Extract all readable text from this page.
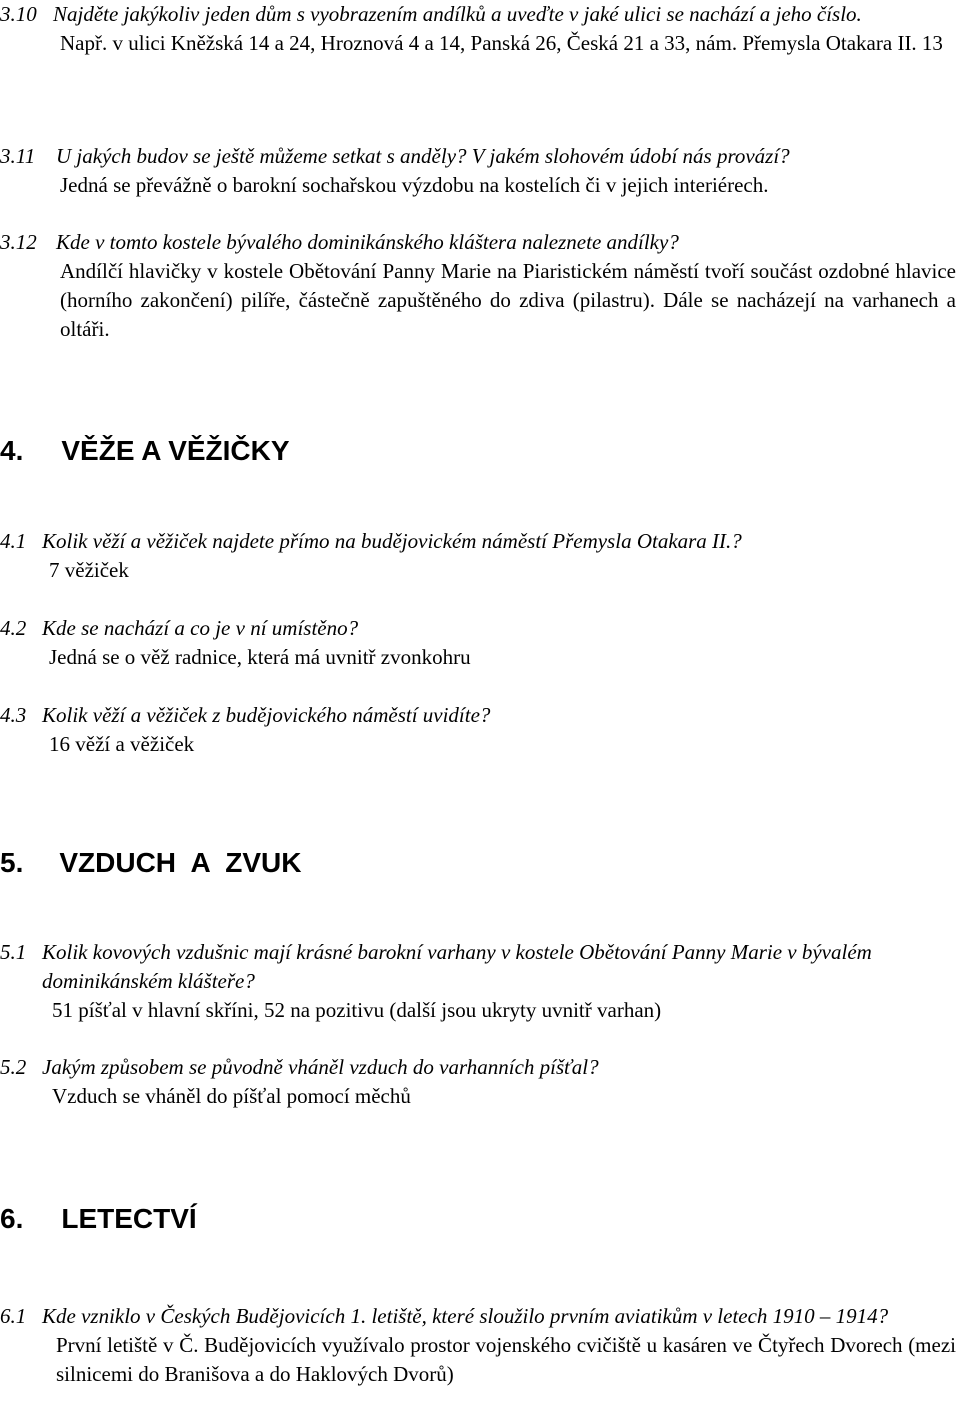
3.10 Najděte jakýkoliv jeden dům s vyobrazením andílků a uveďte v jaké ulici se nachází a jeho číslo.
Např. v ulici Kněžská 14 a 24, Hroznová 4 a 14, Panská 26, Česká 21 a 33, nám. Přemysla Otakara II. 13
3.11 U jakých budov se ještě můžeme setkat s anděly? V jakém slohovém údobí nás provází?
Jedná se převážně o barokní sochařskou výzdobu na kostelích či v jejich interiérech.
3.12 Kde v tomto kostele bývalého dominikánského kláštera naleznete andílky?
Andílčí hlavičky v kostele Obětování Panny Marie na Piaristickém náměstí tvoří součást ozdobné hlavice (horního zakončení) pilíře, částečně zapuštěného do zdiva (pilastru). Dále se nacházejí na varhanech a oltáři.
4. VĚŽE A VĚŽIČKY
4.1 Kolik věží a věžiček najdete přímo na budějovickém náměstí Přemysla Otakara II.?
7 věžiček
4.2 Kde se nachází a co je v ní umístěno?
Jedná se o věž radnice, která má uvnitř zvonkohru
4.3 Kolik věží a věžiček z budějovického náměstí uvidíte?
16 věží a věžiček
5. VZDUCH  A  ZVUK
5.1 Kolik kovových vzdušnic mají krásné barokní varhany v kostele Obětování Panny Marie v bývalém dominikánském klášteře?
51 píšťal v hlavní skříni, 52 na pozitivu (další jsou ukryty uvnitř varhan)
5.2 Jakým způsobem se původně vháněl vzduch do varhanních píšťal?
Vzduch se vháněl do píšťal pomocí měchů
6. LETECTVÍ
6.1 Kde vzniklo v Českých Budějovicích 1. letiště, které sloužilo prvním aviatikům v letech 1910 – 1914?
První letiště v Č. Budějovicích využívalo prostor vojenského cvičiště u kasáren ve Čtyřech Dvorech (mezi silnicemi do Branišova a do Haklových Dvorů)
